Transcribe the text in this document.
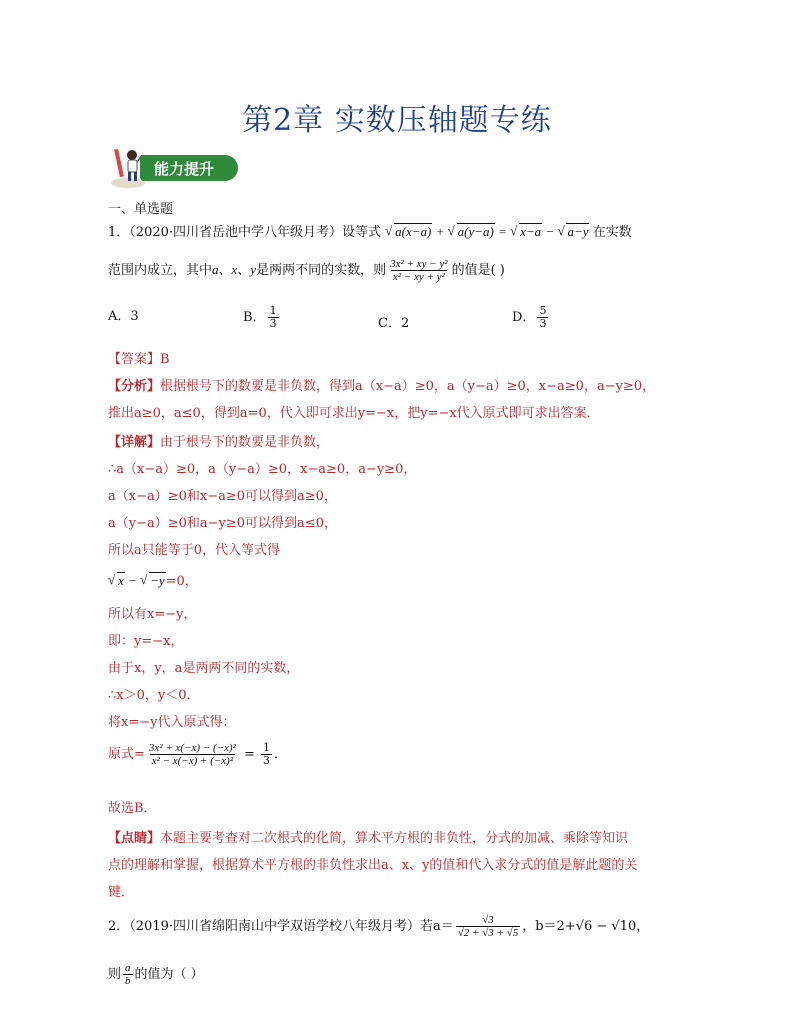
第2章 实数压轴题专练
能力提升
一、单选题
1．（2020·四川省岳池中学八年级月考）设等式 √ a(x−a) + √ a(y−a) = √ x−a − √ a−y 在实数
范围内成立，其中a、x、y是两两不同的实数，则 $\frac{\text{3x² + xy − y²}}{\text{x² − xy + y²}}$ 的值是( )
A．3	B． $\frac{1}{3}$	C．2	D． $\frac{5}{3}$
【答案】B
【分析】根据根号下的数要是非负数，得到a（x−a）≥0，a（y−a）≥0，x−a≥0，a−y≥0，
推出a≥0，a≤0，得到a=0，代入即可求出y=−x，把y=−x代入原式即可求出答案．
【详解】由于根号下的数要是非负数，
∴a（x−a）≥0，a（y−a）≥0，x−a≥0，a−y≥0，
a（x−a）≥0和x−a≥0可以得到a≥0，
a（y−a）≥0和a−y≥0可以得到a≤0，
所以a只能等于0，代入等式得
√ x − √ −y=0，
所以有x=−y，
即：y=−x，
由于x，y，a是两两不同的实数，
∴x＞0，y＜0．
将x=−y代入原式得：
原式= $\frac{\text{3x² + x(−x) − (−x)²}}{\text{x² − x(−x) + (−x)²}} = \frac{1}{3}$ ．
故选B．
【点睛】本题主要考查对二次根式的化简，算术平方根的非负性，分式的加减、乘除等知识
点的理解和掌握，根据算术平方根的非负性求出a、x、y的值和代入求分式的值是解此题的关
键．
2．（2019·四川省绵阳南山中学双语学校八年级月考）若$a= \frac{√3}{√2 + √3 + √5}$ ，b＝2+√6 − √10，
则 $\frac{a}{b}$ 的值为（ ）
